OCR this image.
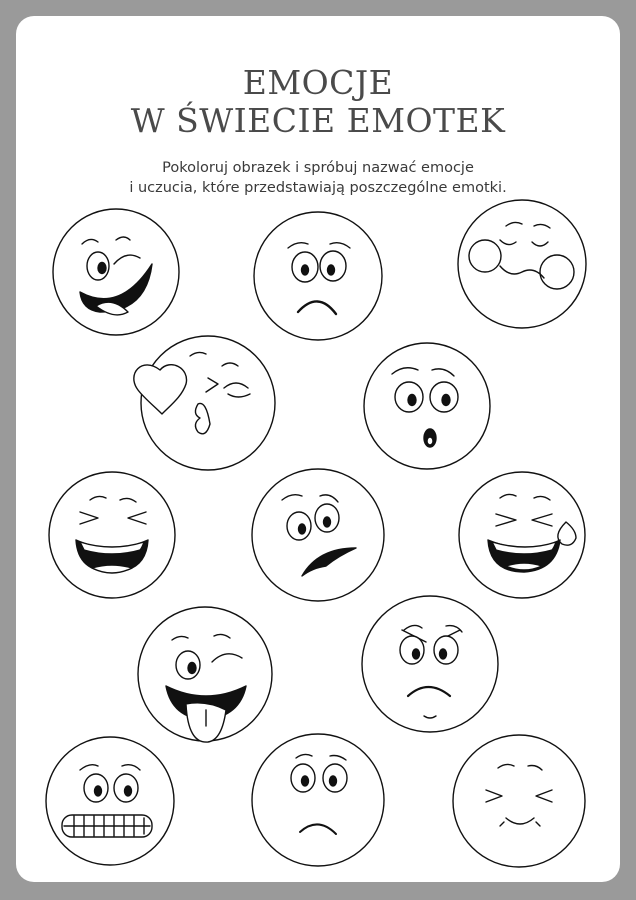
EMOCJE
W ŚWIECIE EMOTEK
Pokoloruj obrazek i spróbuj nazwać emocje
i uczucia, które przedstawiają poszczególne emotki.
